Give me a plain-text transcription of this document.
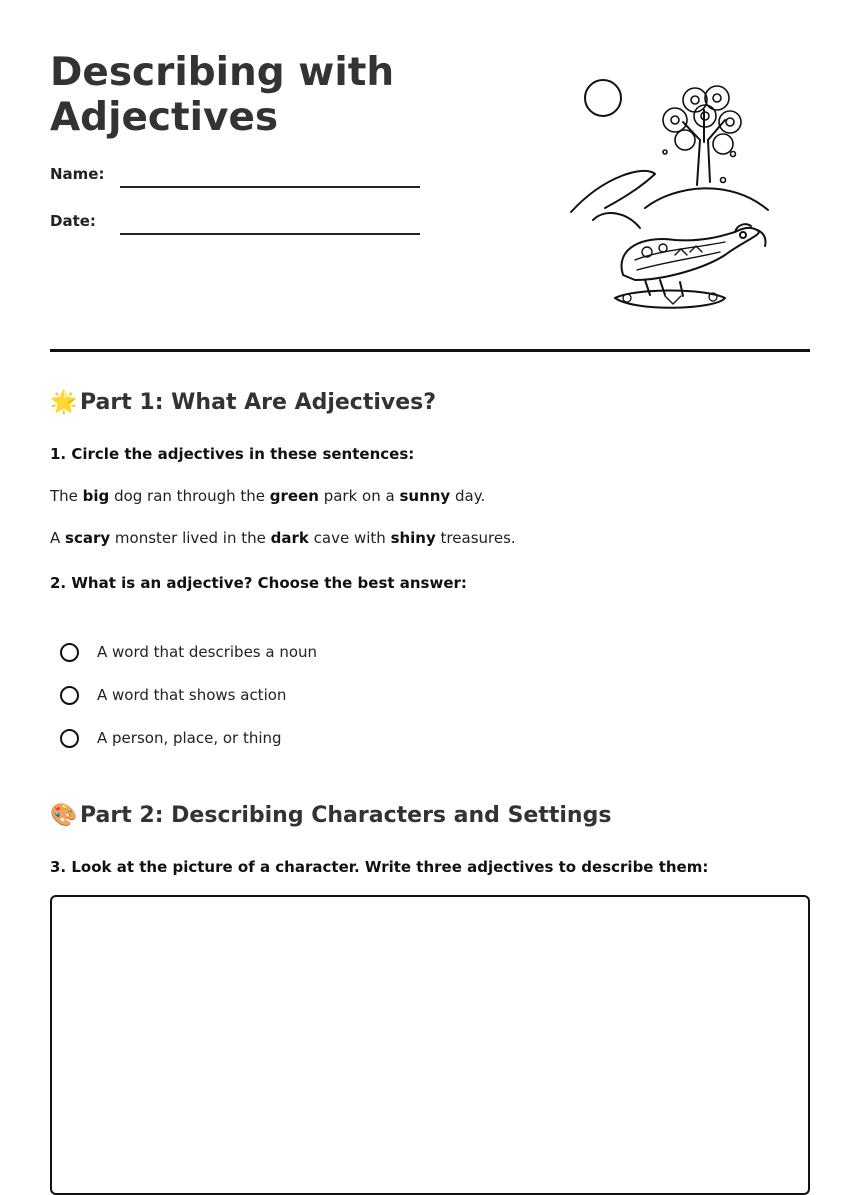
Describing with Adjectives
Name:
Date:
🌟 Part 1: What Are Adjectives?
1. Circle the adjectives in these sentences:
The big dog ran through the green park on a sunny day.
A scary monster lived in the dark cave with shiny treasures.
2. What is an adjective? Choose the best answer:
A word that describes a noun
A word that shows action
A person, place, or thing
🎨 Part 2: Describing Characters and Settings
3. Look at the picture of a character. Write three adjectives to describe them:
